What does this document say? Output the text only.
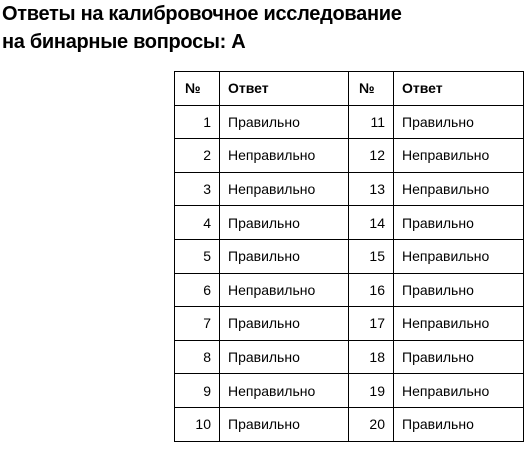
Ответы на калибровочное исследование
на бинарные вопросы: A
№	Ответ	№	Ответ
1	Правильно	11	Правильно
2	Неправильно	12	Неправильно
3	Неправильно	13	Неправильно
4	Правильно	14	Правильно
5	Правильно	15	Неправильно
6	Неправильно	16	Правильно
7	Правильно	17	Неправильно
8	Правильно	18	Правильно
9	Неправильно	19	Неправильно
10	Правильно	20	Правильно
